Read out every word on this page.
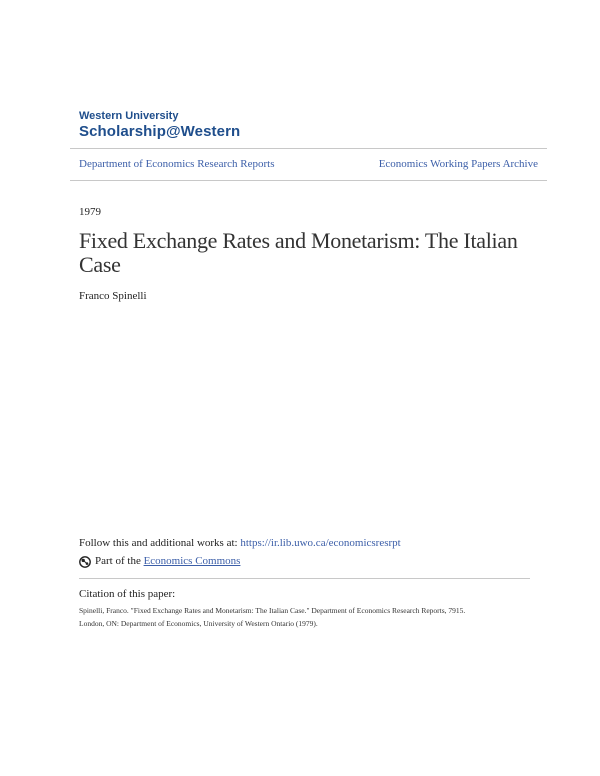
Western University
Scholarship@Western
Department of Economics Research Reports	Economics Working Papers Archive
1979
Fixed Exchange Rates and Monetarism: The Italian Case
Franco Spinelli
Follow this and additional works at: https://ir.lib.uwo.ca/economicsresrpt
Part of the
Economics Commons
Citation of this paper:
Spinelli, Franco. "Fixed Exchange Rates and Monetarism: The Italian Case." Department of Economics Research Reports, 7915.
London, ON: Department of Economics, University of Western Ontario (1979).
